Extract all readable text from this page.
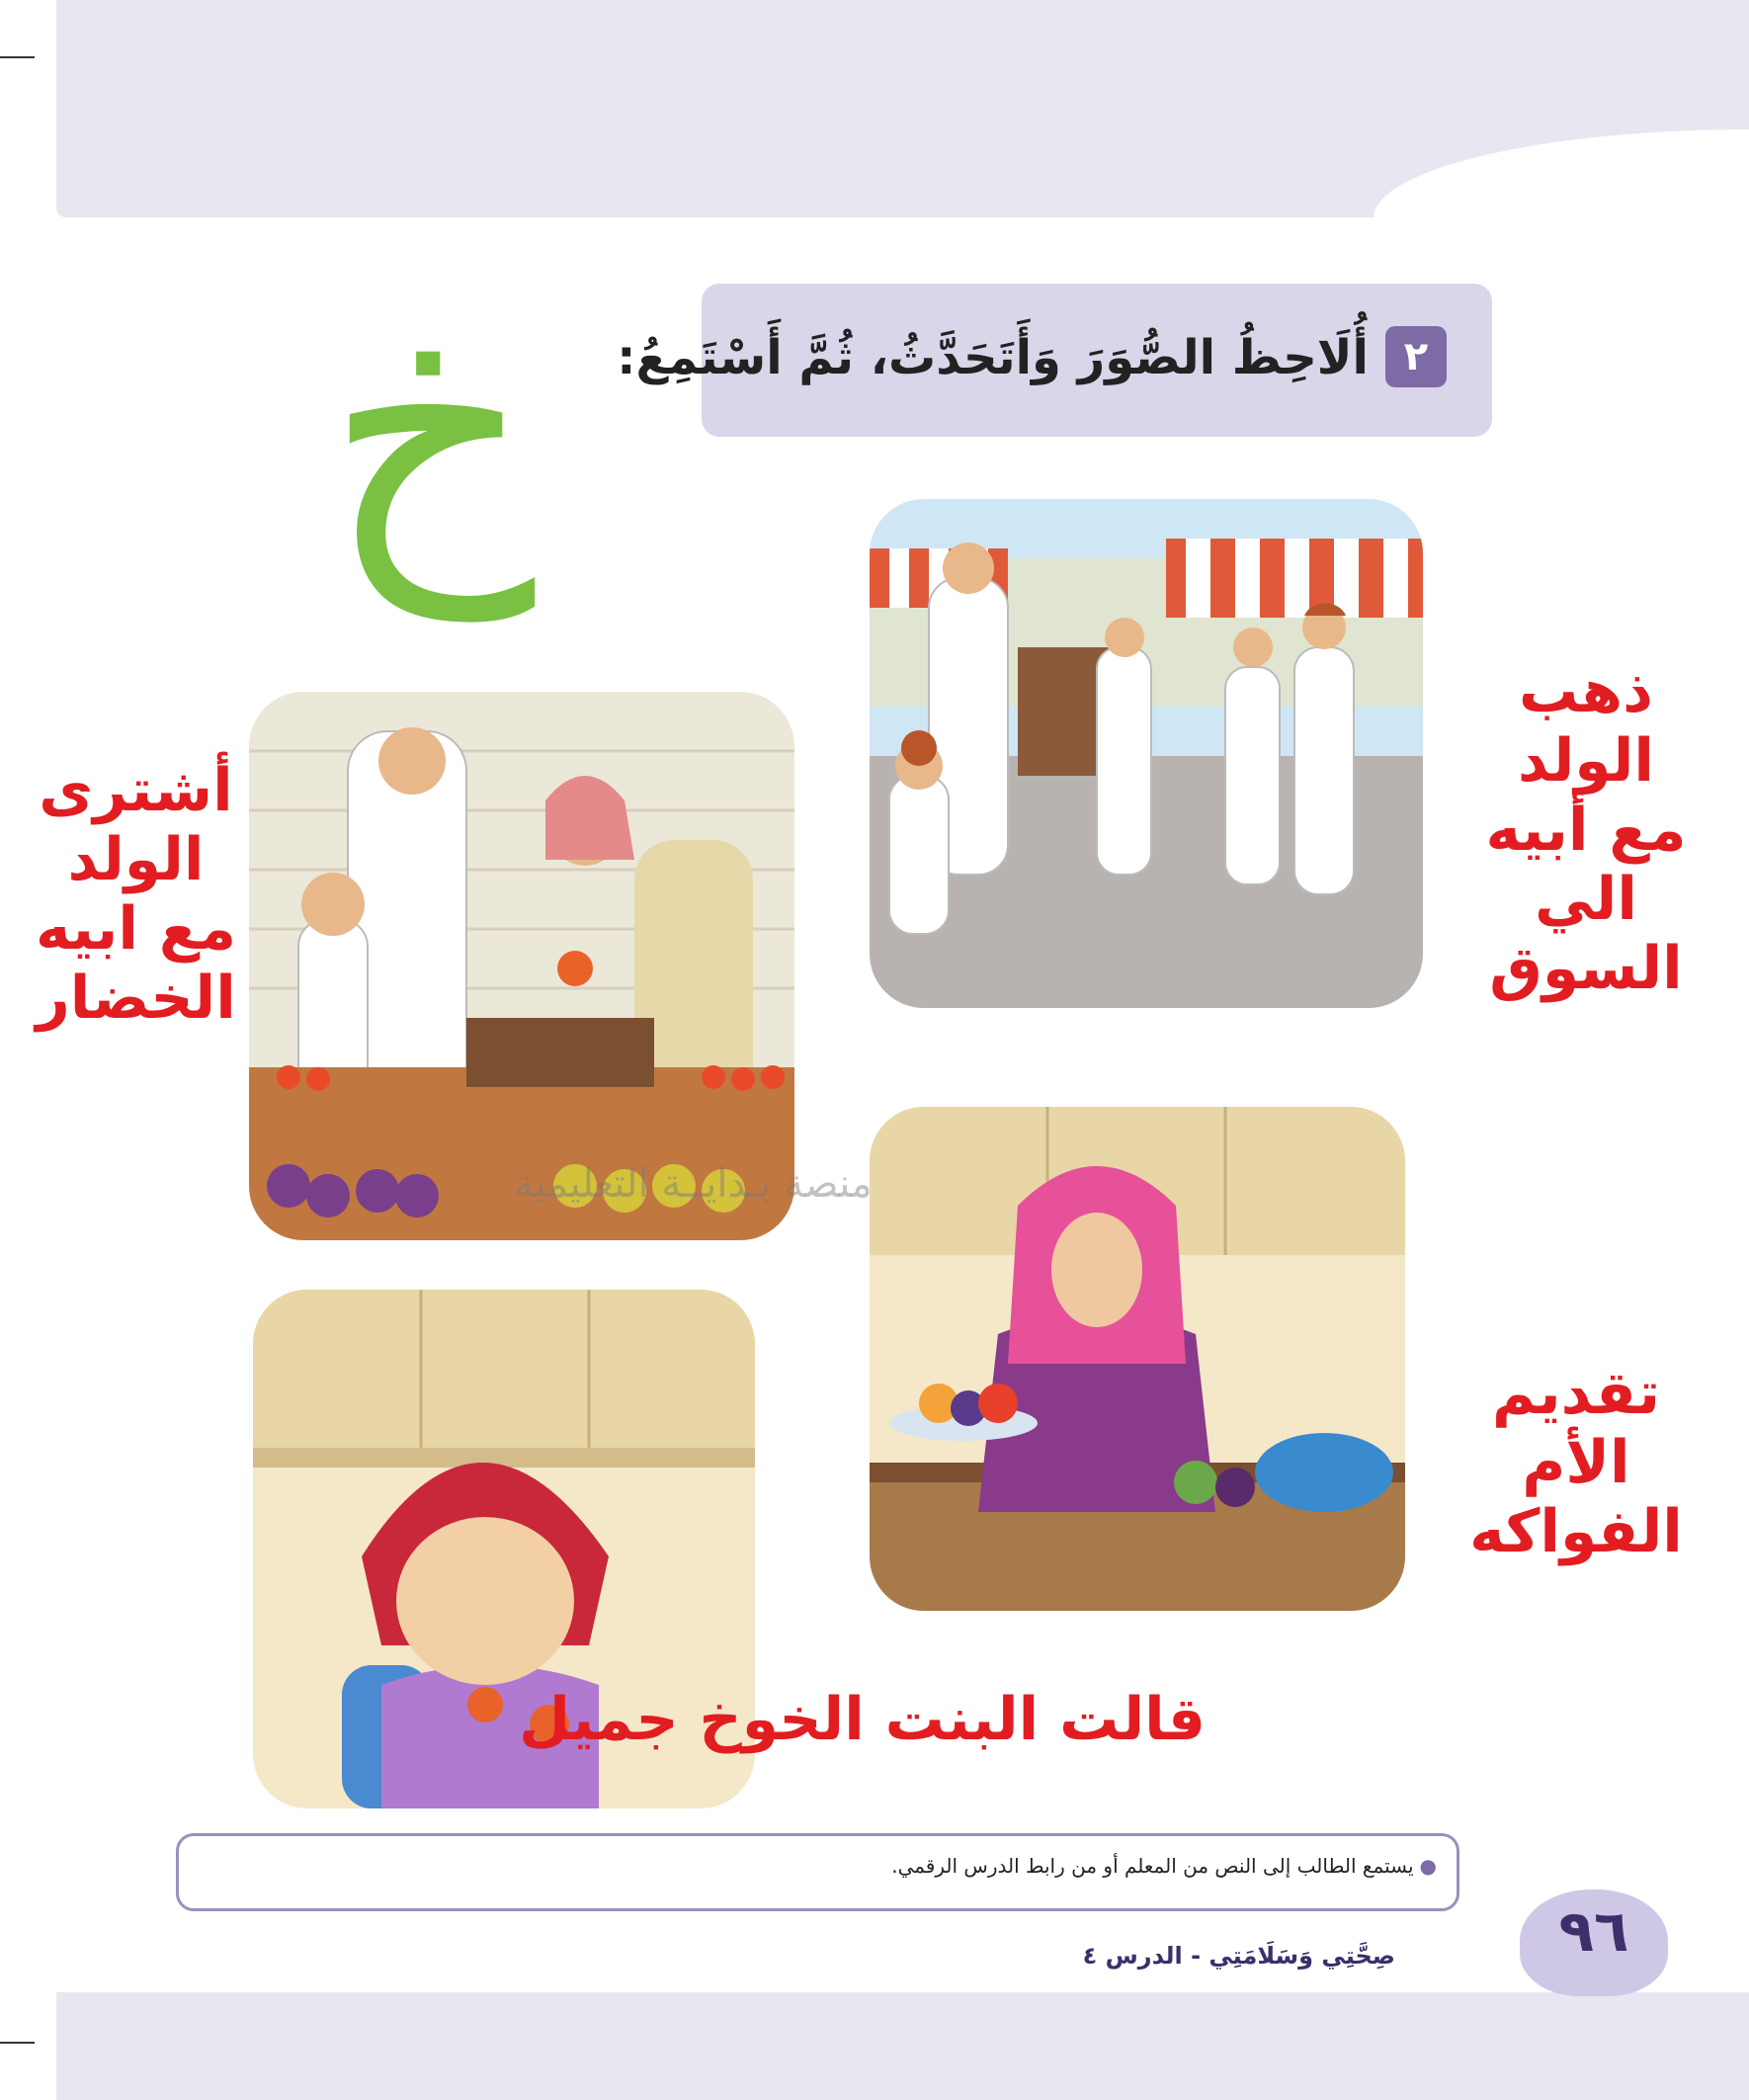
خ	٢
أُلَاحِظُ الصُّوَرَ وَأَتَحَدَّثُ، ثُمَّ أَسْتَمِعُ:
منصة بـدايــة التعليمية
ذهب الولد
مع أبيه الي
السوق
أشترى الولد
مع ابيه
الخضار
تقديم الأم
الفواكه
قالت البنت الخوخ جميل
●يستمع الطالب إلى النص من المعلم أو من رابط الدرس الرقمي.
٩٦
صِحَّتِي وَسَلَامَتِي - الدرس ٤
